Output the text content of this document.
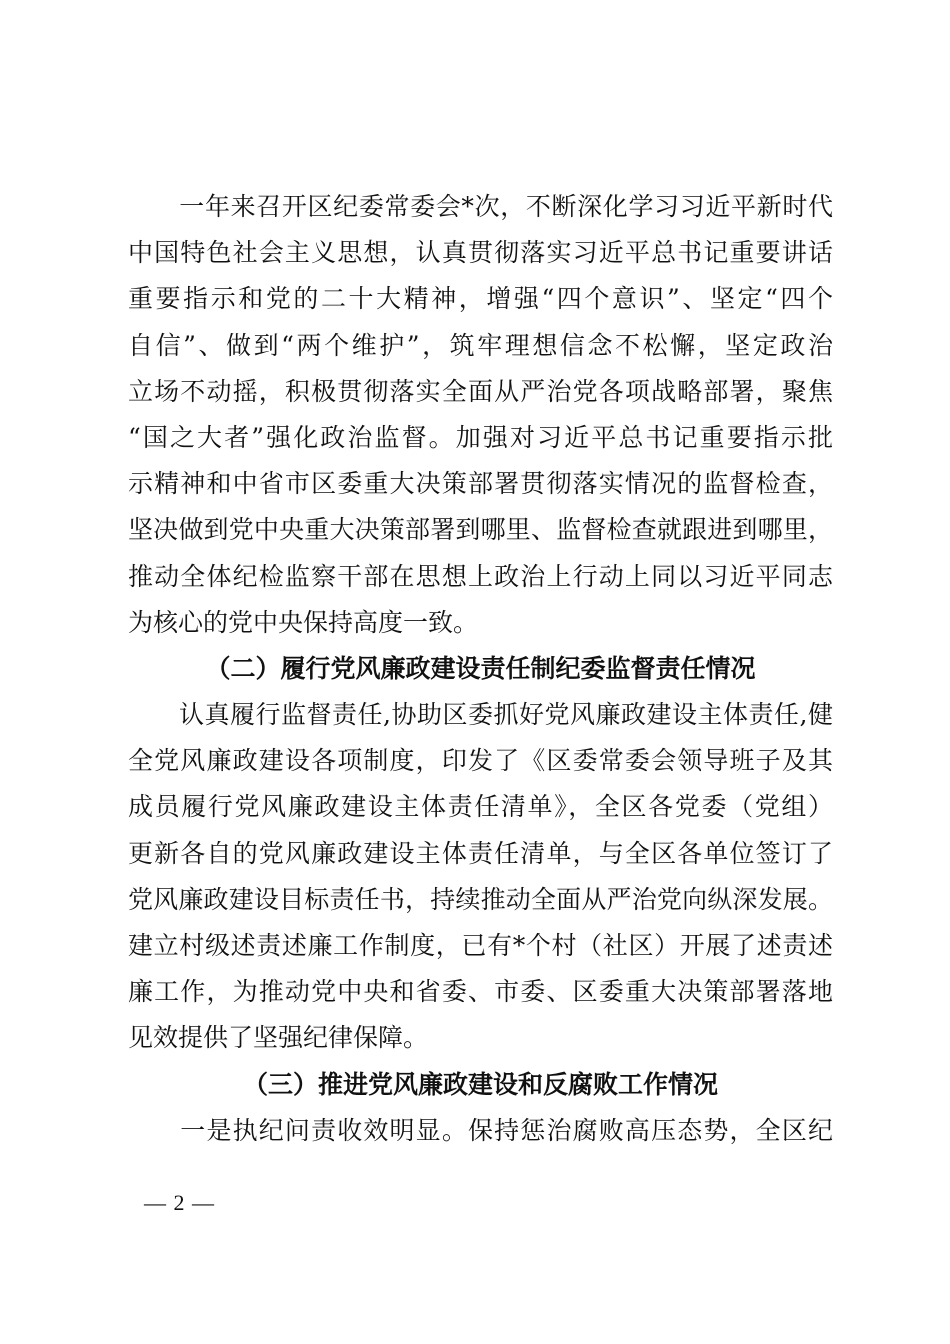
　　一年来召开区纪委常委会*次，不断深化学习习近平新时代
中国特色社会主义思想，认真贯彻落实习近平总书记重要讲话
重要指示和党的二十大精神，增强“四个意识”、坚定“四个
自信”、做到“两个维护”，筑牢理想信念不松懈，坚定政治
立场不动摇，积极贯彻落实全面从严治党各项战略部署，聚焦
“国之大者”强化政治监督。加强对习近平总书记重要指示批
示精神和中省市区委重大决策部署贯彻落实情况的监督检查，
坚决做到党中央重大决策部署到哪里、监督检查就跟进到哪里，
推动全体纪检监察干部在思想上政治上行动上同以习近平同志
为核心的党中央保持高度一致。
（二）履行党风廉政建设责任制纪委监督责任情况
　　认真履行监督责任,协助区委抓好党风廉政建设主体责任,健
全党风廉政建设各项制度，印发了《区委常委会领导班子及其
成员履行党风廉政建设主体责任清单》，全区各党委（党组）
更新各自的党风廉政建设主体责任清单，与全区各单位签订了
党风廉政建设目标责任书，持续推动全面从严治党向纵深发展。
建立村级述责述廉工作制度，已有*个村（社区）开展了述责述
廉工作，为推动党中央和省委、市委、区委重大决策部署落地
见效提供了坚强纪律保障。
（三）推进党风廉政建设和反腐败工作情况
　　一是执纪问责收效明显。保持惩治腐败高压态势，全区纪
— 2 —
